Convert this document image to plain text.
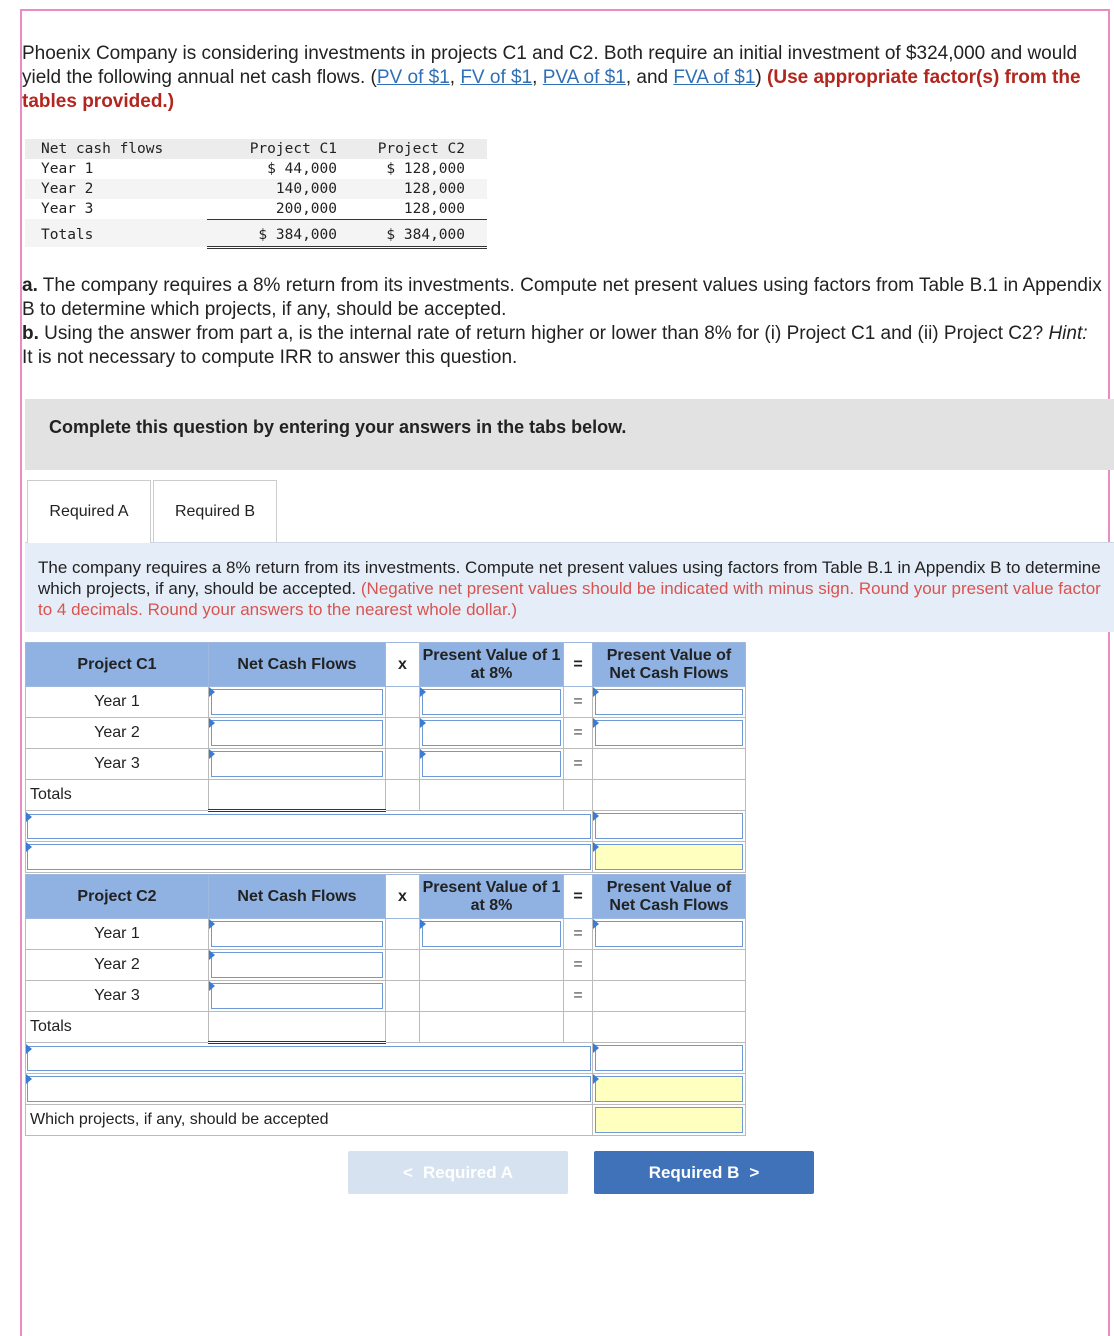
Phoenix Company is considering investments in projects C1 and C2. Both require an initial investment of $324,000 and would yield the following annual net cash flows. (PV of $1, FV of $1, PVA of $1, and FVA of $1) (Use appropriate factor(s) from the tables provided.)
Net cash flows	Project C1	Project C2
Year 1	$ 44,000	$ 128,000
Year 2	140,000	128,000
Year 3	200,000	128,000
Totals	$ 384,000	$ 384,000
a. The company requires a 8% return from its investments. Compute net present values using factors from Table B.1 in Appendix B to determine which projects, if any, should be accepted.
b. Using the answer from part a, is the internal rate of return higher or lower than 8% for (i) Project C1 and (ii) Project C2? Hint: It is not necessary to compute IRR to answer this question.
Complete this question by entering your answers in the tabs below.
Required A	Required B

The company requires a 8% return from its investments. Compute net present values using factors from Table B.1 in Appendix B to determine which projects, if any, should be accepted. (Negative net present values should be indicated with minus sign. Round your present value factor to 4 decimals. Round your answers to the nearest whole dollar.)

Project C1	Net Cash Flows	x	Present Value of 1 at 8%	=	Present Value of Net Cash Flows
Year 1				=	

Year 2				=	

Year 3				=	
Totals					

Project C2	Net Cash Flows	x	Present Value of 1 at 8%	=	Present Value of Net Cash Flows
Year 1				=	

Year 2				=	
Year 3				=	
Totals					

Which projects, if any, should be accepted					
< Required A	Required B >
